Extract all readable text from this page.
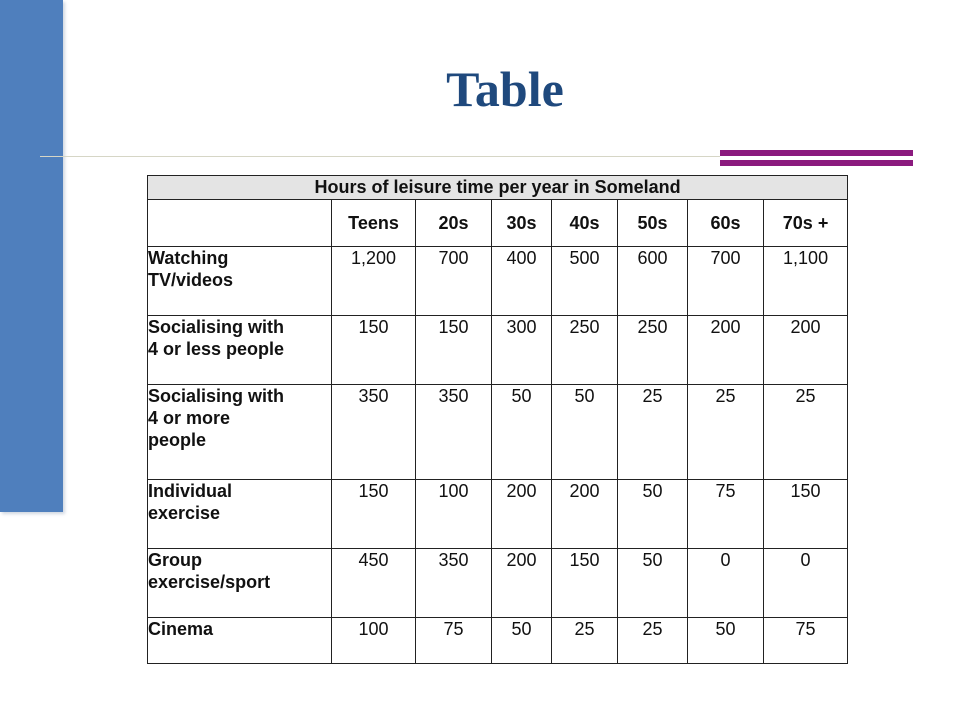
Table
Hours of leisure time per year in Someland							
	Teens	20s	30s	40s	50s	60s	70s +
Watching
TV/videos	1,200	700	400	500	600	700	1,100
Socialising with
4 or less people	150	150	300	250	250	200	200
Socialising with
4 or more
people	350	350	50	50	25	25	25
Individual
exercise	150	100	200	200	50	75	150
Group
exercise/sport	450	350	200	150	50	0	0
Cinema	100	75	50	25	25	50	75
